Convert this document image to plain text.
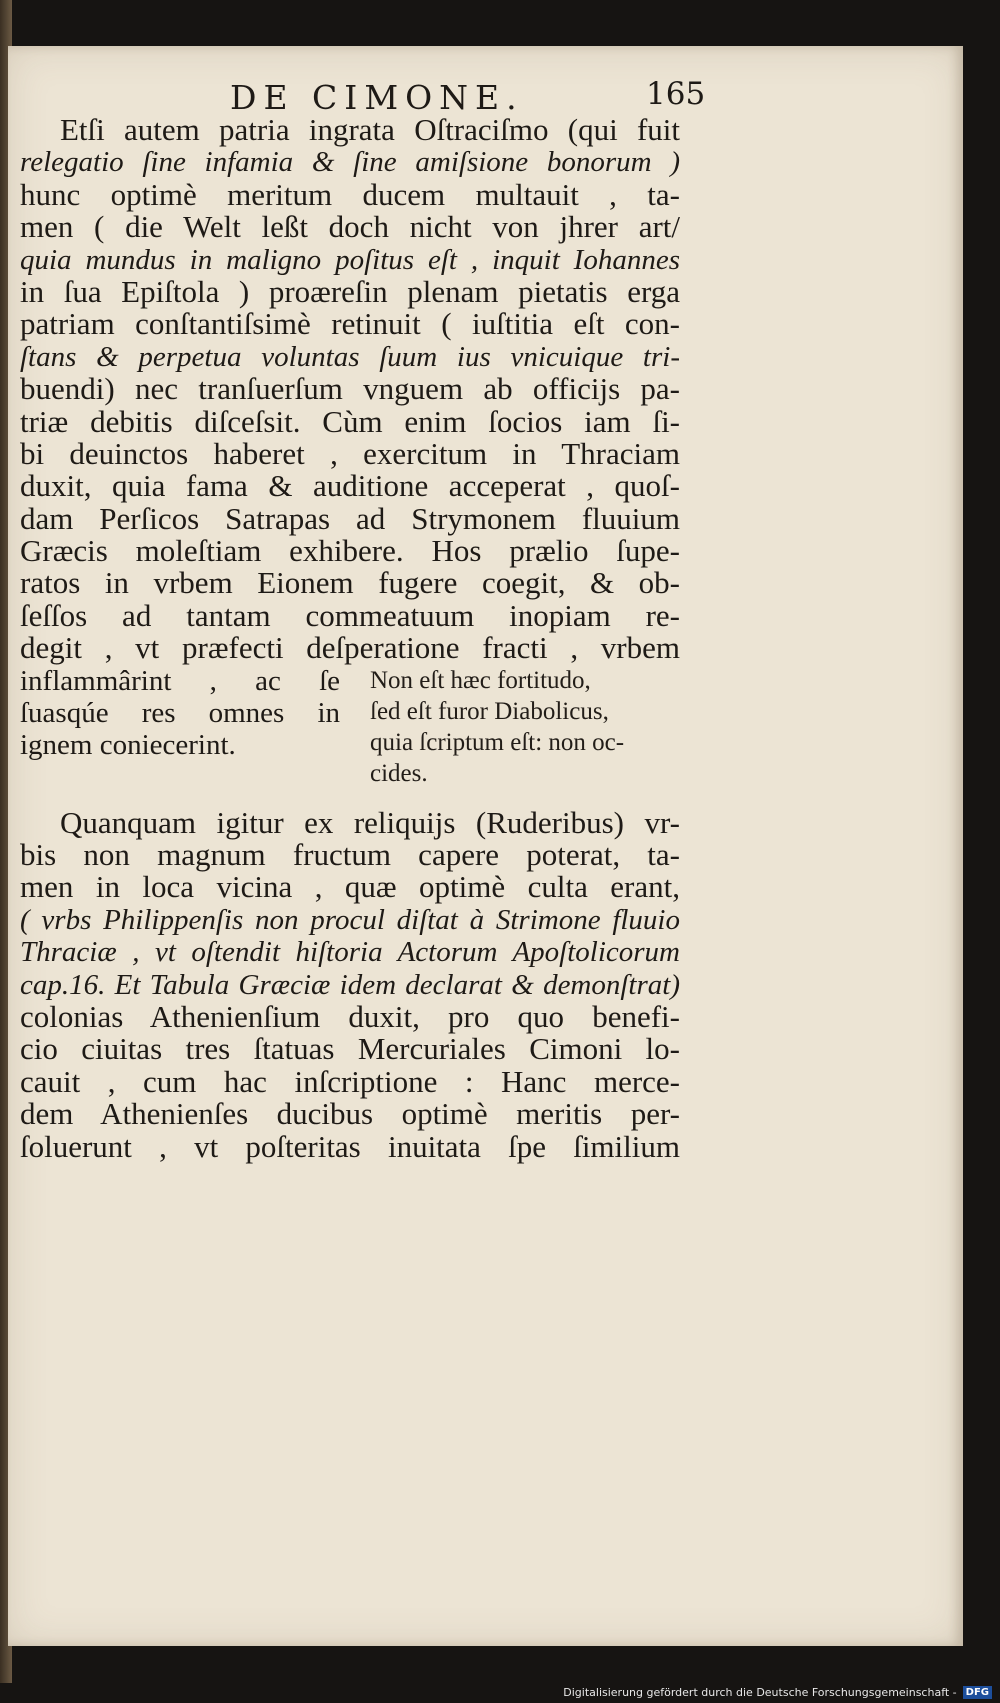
DE CIMONE.	165
Etſi autem patria ingrata Oſtraciſmo (qui fuit
relegatio ſine infamia & ſine amiſsione bonorum )
hunc optimè meritum ducem multauit , ta-
men ( die Welt leßt doch nicht von jhrer art/
quia mundus in maligno poſitus eſt , inquit Iohannes
in ſua Epiſtola ) proæreſin plenam pietatis erga
patriam conſtantiſsimè retinuit ( iuſtitia eſt con-
ſtans & perpetua voluntas ſuum ius vnicuique tri-
buendi) nec tranſuerſum vnguem ab officijs pa-
triæ debitis diſceſsit. Cùm enim ſocios iam ſi-
bi deuinctos haberet , exercitum in Thraciam
duxit, quia fama & auditione acceperat , quoſ-
dam Perſicos Satrapas ad Strymonem fluuium
Græcis moleſtiam exhibere. Hos prælio ſupe-
ratos in vrbem Eionem fugere coegit, & ob-
ſeſſos ad tantam commeatuum inopiam re-
degit , vt præfecti deſperatione fracti , vrbem
inflammârint , ac ſe
ſuasqúe res omnes in
ignem coniecerint.
Non eſt hæc fortitudo,
ſed eſt furor Diabolicus,
quia ſcriptum eſt: non oc-
cides.
Quanquam igitur ex reliquijs (Ruderibus) vr-
bis non magnum fructum capere poterat, ta-
men in loca vicina , quæ optimè culta erant,
( vrbs Philippenſis non procul diſtat à Strimone fluuio
Thraciæ , vt oſtendit hiſtoria Actorum Apoſtolicorum
cap.16. Et Tabula Græciæ idem declarat & demonſtrat)
colonias Athenienſium duxit, pro quo benefi-
cio ciuitas tres ſtatuas Mercuriales Cimoni lo-
cauit , cum hac inſcriptione : Hanc merce-
dem Athenienſes ducibus optimè meritis per-
ſoluerunt , vt poſteritas inuitata ſpe ſimilium
Digitalisierung gefördert durch die Deutsche Forschungsgemeinschaft - DFG
